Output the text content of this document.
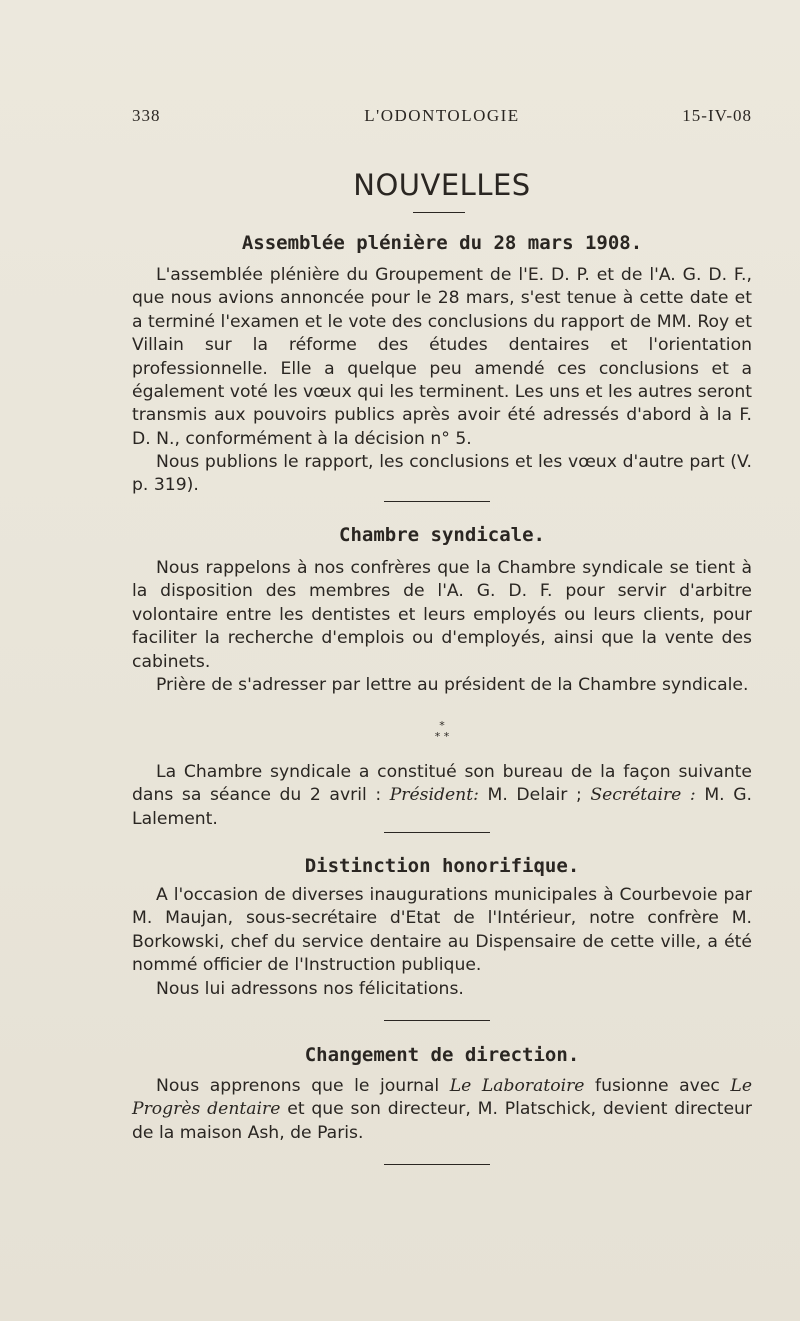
338	L'ODONTOLOGIE	15-IV-08
NOUVELLES
Assemblée plénière du 28 mars 1908.

L'assemblée plénière du Groupement de l'E. D. P. et de l'A. G. D. F., que nous avions annoncée pour le 28 mars, s'est tenue à cette date et a terminé l'examen et le vote des conclusions du rapport de MM. Roy et Villain sur la réforme des études dentaires et l'orientation professionnelle. Elle a quelque peu amendé ces conclusions et a également voté les vœux qui les terminent. Les uns et les autres seront transmis aux pouvoirs publics après avoir été adressés d'abord à la F. D. N., conformément à la décision n° 5.

Nous publions le rapport, les conclusions et les vœux d'autre part (V. p. 319).

Chambre syndicale.

Nous rappelons à nos confrères que la Chambre syndicale se tient à la disposition des membres de l'A. G. D. F. pour servir d'arbitre volontaire entre les dentistes et leurs employés ou leurs clients, pour faciliter la recherche d'emplois ou d'employés, ainsi que la vente des cabinets.

Prière de s'adresser par lettre au président de la Chambre syndicale.

*
* *

La Chambre syndicale a constitué son bureau de la façon suivante dans sa séance du 2 avril : Président: M. Delair ; Secrétaire : M. G. Lalement.

Distinction honorifique.

A l'occasion de diverses inaugurations municipales à Courbevoie par M. Maujan, sous-secrétaire d'Etat de l'Intérieur, notre confrère M. Borkowski, chef du service dentaire au Dispensaire de cette ville, a été nommé officier de l'Instruction publique.

Nous lui adressons nos félicitations.

Changement de direction.

Nous apprenons que le journal Le Laboratoire fusionne avec Le Progrès dentaire et que son directeur, M. Platschick, devient directeur de la maison Ash, de Paris.
